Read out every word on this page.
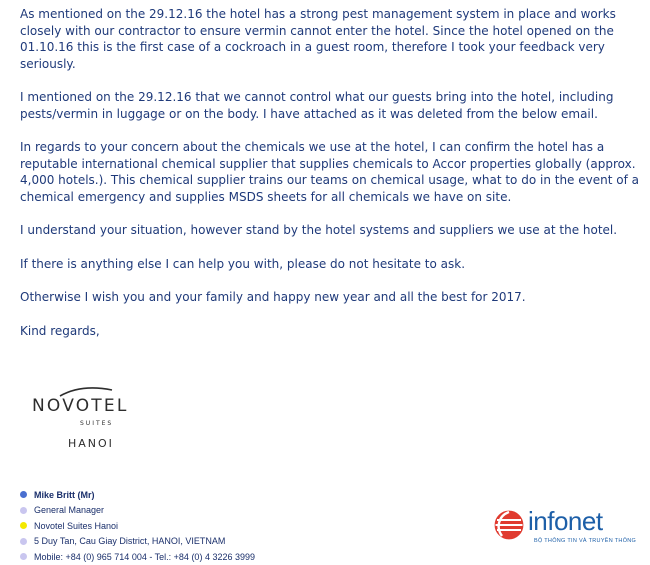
As mentioned on the 29.12.16 the hotel has a strong pest management system in place and works closely with our contractor to ensure vermin cannot enter the hotel. Since the hotel opened on the 01.10.16 this is the first case of a cockroach in a guest room, therefore I took your feedback very seriously.

I mentioned on the 29.12.16 that we cannot control what our guests bring into the hotel, including pests/vermin in luggage or on the body. I have attached as it was deleted from the below email.

In regards to your concern about the chemicals we use at the hotel, I can confirm the hotel has a reputable international chemical supplier that supplies chemicals to Accor properties globally (approx. 4,000 hotels.). This chemical supplier trains our teams on chemical usage, what to do in the event of a chemical emergency and supplies MSDS sheets for all chemicals we have on site.

I understand your situation, however stand by the hotel systems and suppliers we use at the hotel.

If there is anything else I can help you with, please do not hesitate to ask.

Otherwise I wish you and your family and happy new year and all the best for 2017.

Kind regards,

NOVOTEL
SUITES
HANOI
Mike Britt (Mr)
General Manager
Novotel Suites Hanoi
5 Duy Tan, Cau Giay District, HANOI, VIETNAM
Mobile: +84 (0) 965 714 004 - Tel.: +84 (0) 4 3226 3999
infonet
BỘ THÔNG TIN VÀ TRUYỀN THÔNG
